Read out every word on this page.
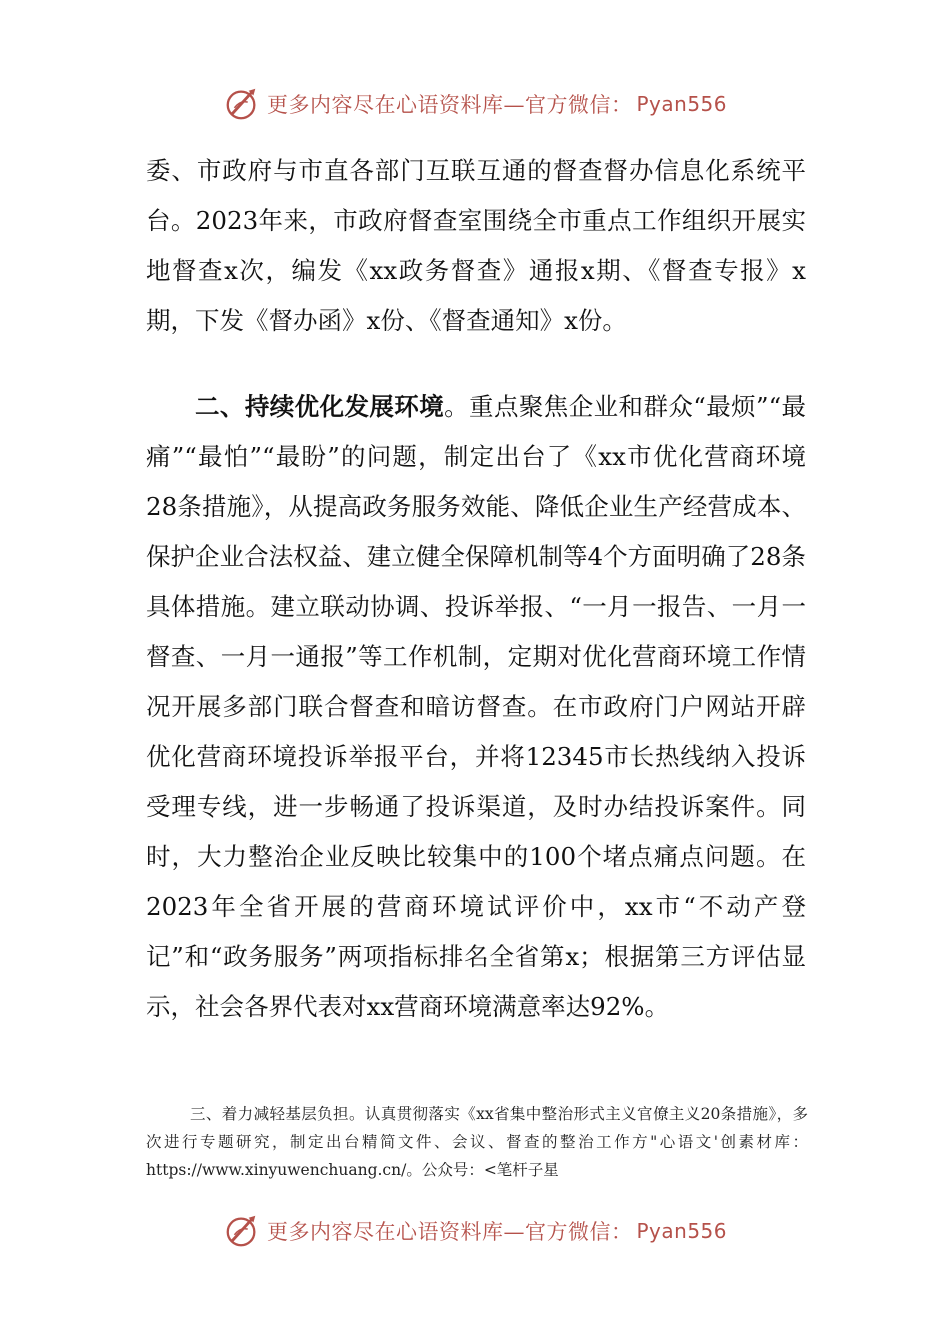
更多内容尽在心语资料库—官方微信： Pyan556
委、市政府与市直各部门互联互通的督查督办信息化系统平台。2023年来，市政府督查室围绕全市重点工作组织开展实地督查x次，编发《xx政务督查》通报x期、《督查专报》x期，下发《督办函》x份、《督查通知》x份。
二、持续优化发展环境。重点聚焦企业和群众“最烦”“最痛”“最怕”“最盼”的问题，制定出台了《xx市优化营商环境28条措施》，从提高政务服务效能、降低企业生产经营成本、保护企业合法权益、建立健全保障机制等4个方面明确了28条具体措施。建立联动协调、投诉举报、“一月一报告、一月一督查、一月一通报”等工作机制，定期对优化营商环境工作情况开展多部门联合督查和暗访督查。在市政府门户网站开辟优化营商环境投诉举报平台，并将12345市长热线纳入投诉受理专线，进一步畅通了投诉渠道，及时办结投诉案件。同时，大力整治企业反映比较集中的100个堵点痛点问题。在2023年全省开展的营商环境试评价中，xx市“不动产登记”和“政务服务”两项指标排名全省第x；根据第三方评估显示，社会各界代表对xx营商环境满意率达92%。
三、着力减轻基层负担。认真贯彻落实《xx省集中整治形式主义官僚主义20条措施》，多次进行专题研究，制定出台精简文件、会议、督查的整治工作方"心语文'创素材库：https://www.xinyuwenchuang.cn/。公众号：<笔杆子星
更多内容尽在心语资料库—官方微信： Pyan556
